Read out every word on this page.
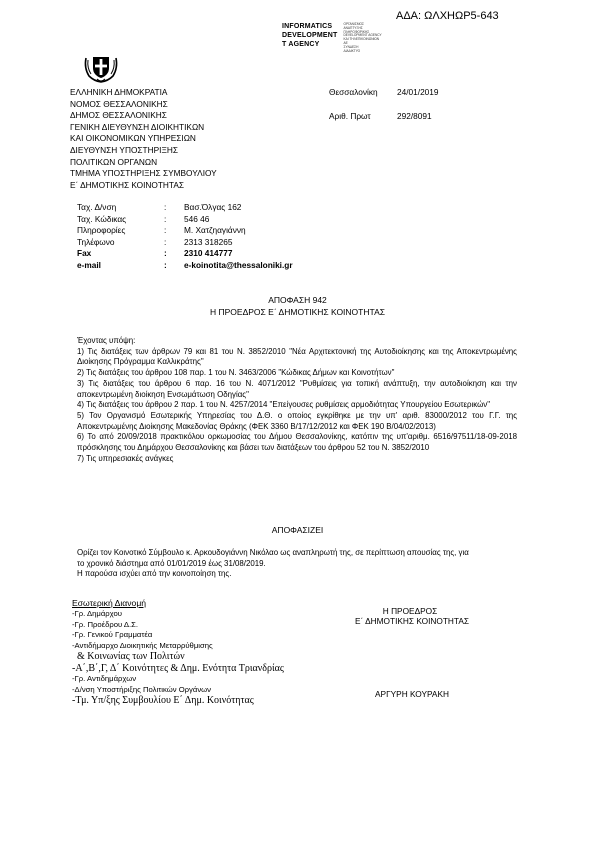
ΑΔΑ: ΩΛΧΗΩΡ5-643
INFORMATICS
DEVELOPMENT
T AGENCY
ΟΡΓΑΝΙΣΜΟΣ
ΑΝΑΠΤΥΞΗΣ
ΠΛΗΡΟΦΟΡΙΚΗΣ
DEVELOPMENT AGENCY
ΚΑΙ ΤΗΛΕΠΙΚΟΙΝΩΝΙΩΝ
ΑΕ
ΣΥΝΔΕΣΗ
ΔΙΑΔΙΚΤΥΟ
ΕΛΛΗΝΙΚΗ ΔΗΜΟΚΡΑΤΙΑ
ΝΟΜΟΣ ΘΕΣΣΑΛΟΝΙΚΗΣ
ΔΗΜΟΣ ΘΕΣΣΑΛΟΝΙΚΗΣ
ΓΕΝΙΚΗ ΔΙΕΥΘΥΝΣΗ ΔΙΟΙΚΗΤΙΚΩΝ
ΚΑΙ ΟΙΚΟΝΟΜΙΚΩΝ ΥΠΗΡΕΣΙΩΝ
ΔΙΕΥΘΥΝΣΗ ΥΠΟΣΤΗΡΙΞΗΣ
ΠΟΛΙΤΙΚΩΝ ΟΡΓΑΝΩΝ
ΤΜΗΜΑ ΥΠΟΣΤΗΡΙΞΗΣ ΣΥΜΒΟΥΛΙΟΥ
Ε΄ ΔΗΜΟΤΙΚΗΣ ΚΟΙΝΟΤΗΤΑΣ
Θεσσαλονίκη	24/01/2019
Αριθ. Πρωτ	292/8091
Ταχ. Δ/νση	:	Βασ.Όλγας 162
Ταχ. Κώδικας	:	546 46
Πληροφορίες	:	Μ. Χατζηαγιάννη
Τηλέφωνο	:	2313 318265
Fax	:	2310 414777
e-mail	:	e-koinotita@thessaloniki.gr
ΑΠΟΦΑΣΗ 942
Η ΠΡΟΕΔΡΟΣ Ε΄ ΔΗΜΟΤΙΚΗΣ ΚΟΙΝΟΤΗΤΑΣ

Έχοντας υπόψη:

1) Τις διατάξεις των άρθρων 79 και 81 του Ν. 3852/2010 "Νέα Αρχιτεκτονική της Αυτοδιοίκησης και της Αποκεντρωμένης Διοίκησης Πρόγραμμα Καλλικράτης"

2) Τις διατάξεις του άρθρου 108 παρ. 1 του Ν. 3463/2006 "Κώδικας Δήμων και Κοινοτήτων"

3) Τις διατάξεις του άρθρου 6 παρ. 16 του Ν. 4071/2012 "Ρυθμίσεις για τοπική ανάπτυξη, την αυτοδιοίκηση και την αποκεντρωμένη διοίκηση Ενσωμάτωση Οδηγίας"

4) Τις διατάξεις του άρθρου 2 παρ. 1 του Ν. 4257/2014 "Επείγουσες ρυθμίσεις αρμοδιότητας Υπουργείου Εσωτερικών"

5) Τον Οργανισμό Εσωτερικής Υπηρεσίας του Δ.Θ. ο οποίος εγκρίθηκε με την υπ' αριθ. 83000/2012 του Γ.Γ. της Αποκεντρωμένης Διοίκησης Μακεδονίας Θράκης (ΦΕΚ 3360 Β/17/12/2012 και ΦΕΚ 190 Β/04/02/2013)

6) Το από 20/09/2018 πρακτικόλου ορκωμοσίας του Δήμου Θεσσαλονίκης, κατόπιν της υπ'αριθμ. 6516/97511/18-09-2018 πρόσκλησης του Δημάρχου Θεσσαλονίκης και βάσει των διατάξεων του άρθρου 52 του Ν. 3852/2010

7) Τις υπηρεσιακές ανάγκες

ΑΠΟΦΑΣΙΖΕΙ
Ορίζει τον Κοινοτικό Σύμβουλο κ. Αρκουδογιάννη Νικόλαο ως αναπληρωτή της, σε περίπτωση απουσίας της, για το χρονικό διάστημα από 01/01/2019 έως 31/08/2019.
Η παρούσα ισχύει από την κοινοποίηση της.
Εσωτερική Διανομή
-Γρ. Δημάρχου
-Γρ. Προέδρου Δ.Σ.
-Γρ. Γενικού Γραμματέα
-Αντιδήμαρχο Διοικητικής Μεταρρύθμισης
& Κοινωνίας των Πολιτών
-Α΄,Β΄,Γ, Δ΄ Κοινότητες & Δημ. Ενότητα Τριανδρίας
-Γρ. Αντιδημάρχων
-Δ/νση Υποστήριξης Πολιτικών Οργάνων
-Τμ. Υπ/ξης Συμβουλίου Ε΄ Δημ. Κοινότητας
Η ΠΡΟΕΔΡΟΣ
Ε΄ ΔΗΜΟΤΙΚΗΣ ΚΟΙΝΟΤΗΤΑΣ
ΑΡΓΥΡΗ ΚΟΥΡΑΚΗ
